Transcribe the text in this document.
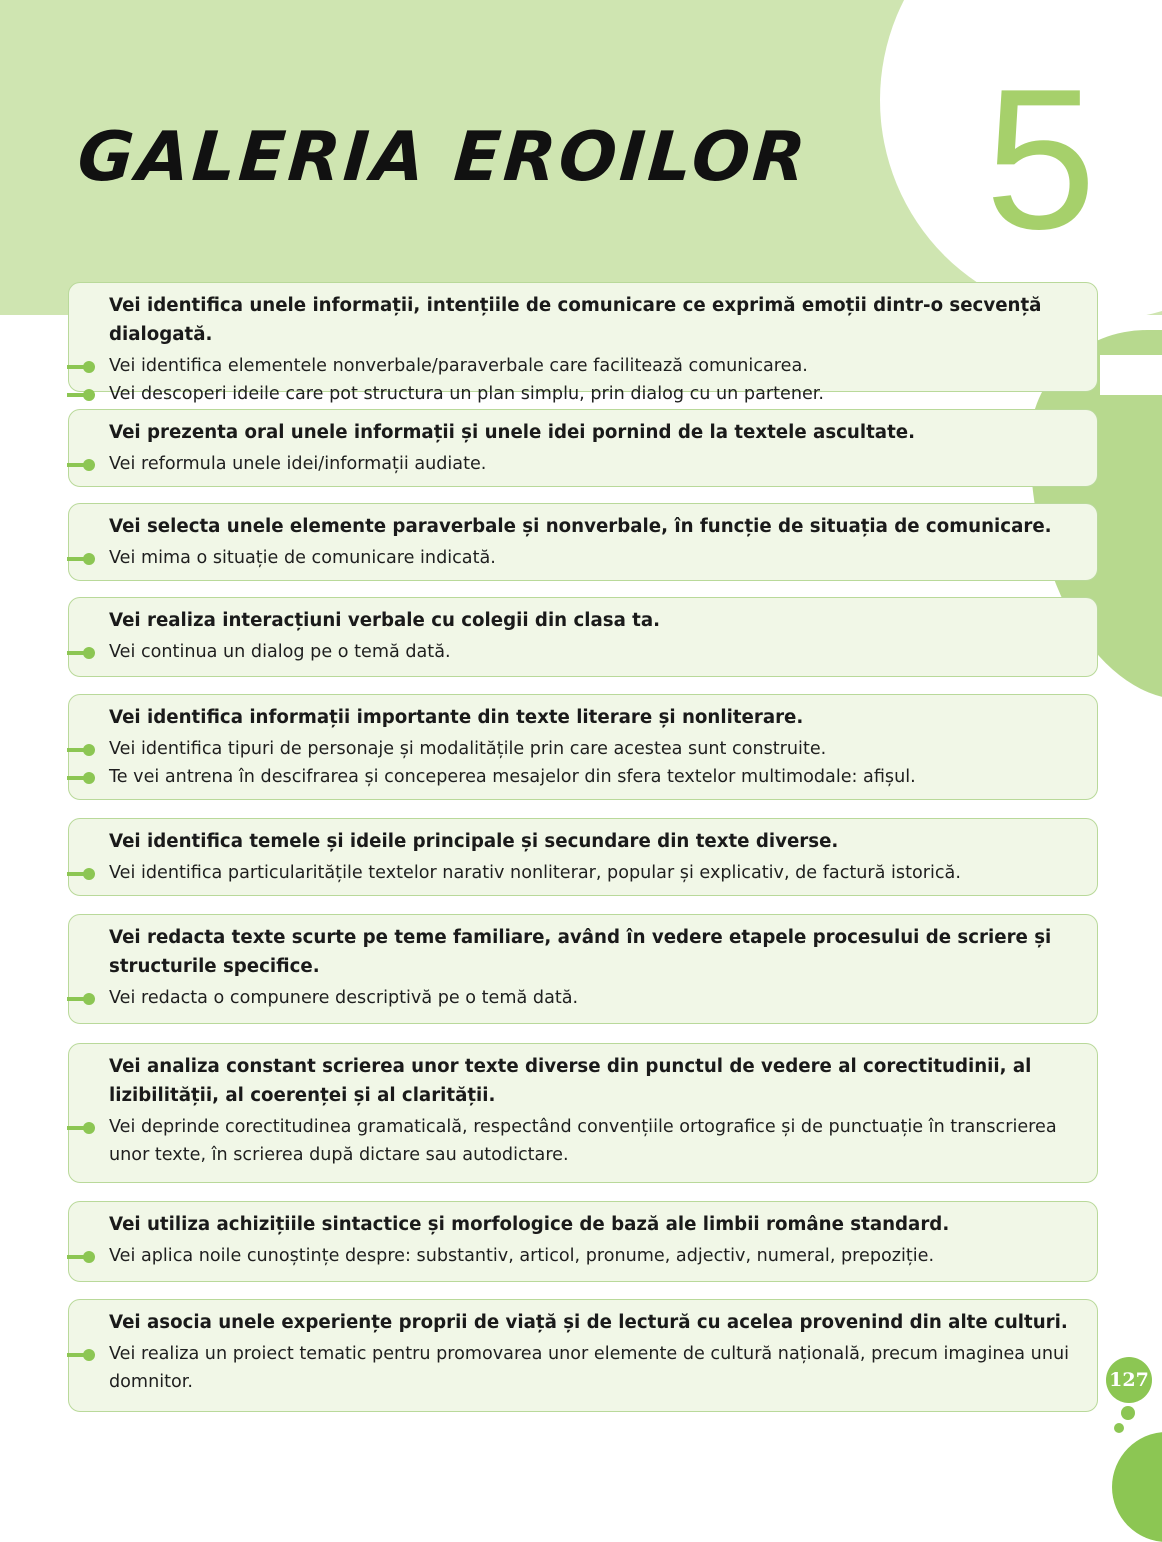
GALERIA EROILOR 5

Vei identifica unele informații, intențiile de comunicare ce exprimă emoții dintr-o secvență dialogată.

Vei identifica elementele nonverbale/paraverbale care facilitează comunicarea.

Vei descoperi ideile care pot structura un plan simplu, prin dialog cu un partener.

Vei prezenta oral unele informații și unele idei pornind de la textele ascultate.

Vei reformula unele idei/informații audiate.

Vei selecta unele elemente paraverbale și nonverbale, în funcție de situația de comunicare.

Vei mima o situație de comunicare indicată.

Vei realiza interacțiuni verbale cu colegii din clasa ta.

Vei continua un dialog pe o temă dată.

Vei identifica informații importante din texte literare și nonliterare.

Vei identifica tipuri de personaje și modalitățile prin care acestea sunt construite.

Te vei antrena în descifrarea și conceperea mesajelor din sfera textelor multimodale: afișul.

Vei identifica temele și ideile principale și secundare din texte diverse.

Vei identifica particularitățile textelor narativ nonliterar, popular și explicativ, de factură istorică.

Vei redacta texte scurte pe teme familiare, având în vedere etapele procesului de scriere și structurile specifice.

Vei redacta o compunere descriptivă pe o temă dată.

Vei analiza constant scrierea unor texte diverse din punctul de vedere al corectitudinii, al lizibilității, al coerenței și al clarității.

Vei deprinde corectitudinea gramaticală, respectând convențiile ortografice și de punctuație în transcrierea unor texte, în scrierea după dictare sau autodictare.

Vei utiliza achizițiile sintactice și morfologice de bază ale limbii române standard.

Vei aplica noile cunoștințe despre: substantiv, articol, pronume, adjectiv, numeral, prepoziție.

Vei asocia unele experiențe proprii de viață și de lectură cu acelea provenind din alte culturi.

Vei realiza un proiect tematic pentru promovarea unor elemente de cultură națională, precum imaginea unui domnitor.	127
